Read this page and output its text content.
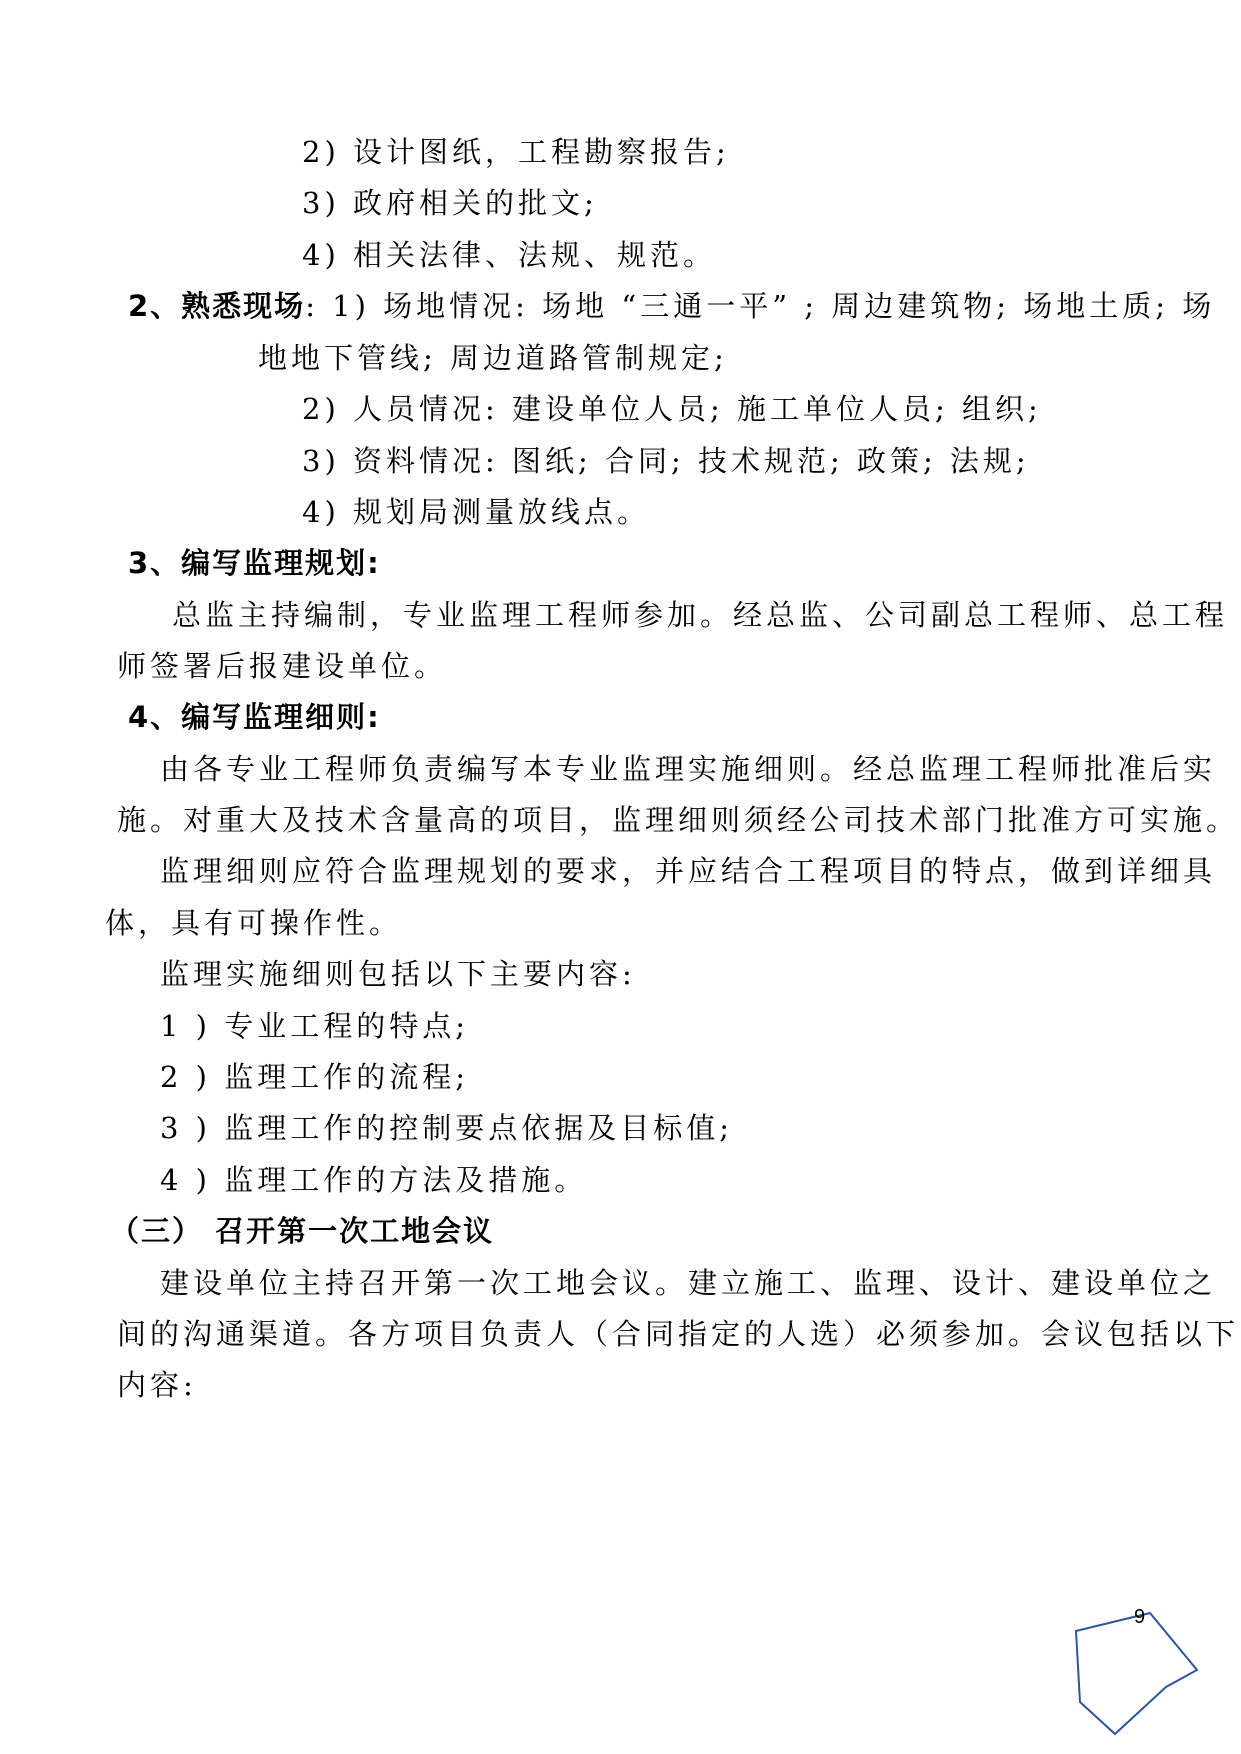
2) 设计图纸，工程勘察报告;
3) 政府相关的批文;
4) 相关法律、法规、规范。
2、熟悉现场: 1) 场地情况: 场地 “三通一平” ; 周边建筑物; 场地土质; 场
地地下管线; 周边道路管制规定;
2) 人员情况: 建设单位人员; 施工单位人员; 组织;
3) 资料情况: 图纸; 合同; 技术规范; 政策; 法规;
4) 规划局测量放线点。
3、编写监理规划:
总监主持编制，专业监理工程师参加。经总监、公司副总工程师、总工程
师签署后报建设单位。
4、编写监理细则:
由各专业工程师负责编写本专业监理实施细则。经总监理工程师批准后实
施。对重大及技术含量高的项目，监理细则须经公司技术部门批准方可实施。
监理细则应符合监理规划的要求，并应结合工程项目的特点，做到详细具
体，具有可操作性。
监理实施细则包括以下主要内容:
1 ) 专业工程的特点;
2 ) 监理工作的流程;
3 ) 监理工作的控制要点依据及目标值;
4 ) 监理工作的方法及措施。
（三） 召开第一次工地会议
建设单位主持召开第一次工地会议。建立施工、监理、设计、建设单位之
间的沟通渠道。各方项目负责人（合同指定的人选）必须参加。会议包括以下
内容:
9
